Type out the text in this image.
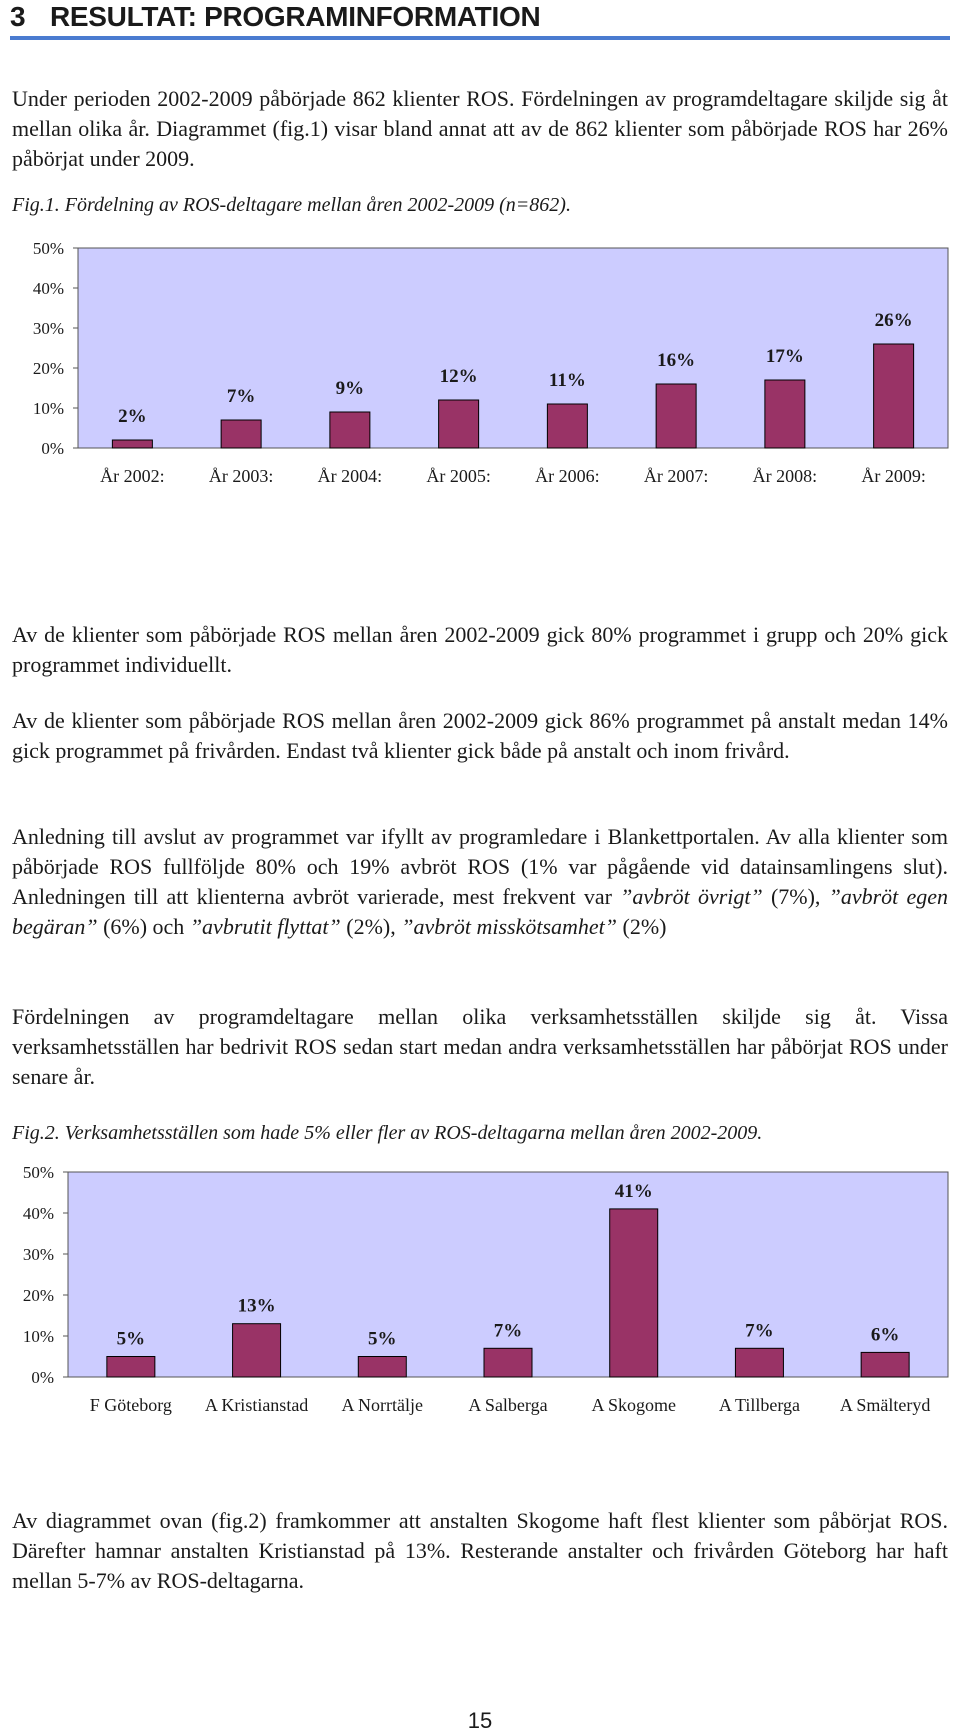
3 RESULTAT: PROGRAMINFORMATION
Under perioden 2002-2009 påbörjade 862 klienter ROS. Fördelningen av programdeltagare skiljde sig åt mellan olika år. Diagrammet (fig.1) visar bland annat att av de 862 klienter som påbörjade ROS har 26% påbörjat under 2009.
Fig.1. Fördelning av ROS-deltagare mellan åren 2002-2009 (n=862).
0%
10%
20%
30%
40%
50%
2%
År 2002:
7%
År 2003:
9%
År 2004:
12%
År 2005:
11%
År 2006:
16%
År 2007:
17%
År 2008:
26%
År 2009:
Av de klienter som påbörjade ROS mellan åren 2002-2009 gick 80% programmet i grupp och 20% gick programmet individuellt.
Av de klienter som påbörjade ROS mellan åren 2002-2009 gick 86% programmet på anstalt medan 14% gick programmet på frivården. Endast två klienter gick både på anstalt och inom frivård.
Anledning till avslut av programmet var ifyllt av programledare i Blankettportalen. Av alla klienter som påbörjade ROS fullföljde 80% och 19% avbröt ROS (1% var pågående vid datainsamlingens slut). Anledningen till att klienterna avbröt varierade, mest frekvent var ”avbröt övrigt” (7%), ”avbröt egen begäran” (6%) och ”avbrutit flyttat” (2%), ”avbröt misskötsamhet” (2%)
Fördelningen av programdeltagare mellan olika verksamhetsställen skiljde sig åt. Vissa verksamhetsställen har bedrivit ROS sedan start medan andra verksamhetsställen har påbörjat ROS under senare år.
Fig.2. Verksamhetsställen som hade 5% eller fler av ROS-deltagarna mellan åren 2002-2009.
0%
10%
20%
30%
40%
50%
5%
F Göteborg
13%
A Kristianstad
5%
A Norrtälje
7%
A Salberga
41%
A Skogome
7%
A Tillberga
6%
A Smälteryd
Av diagrammet ovan (fig.2) framkommer att anstalten Skogome haft flest klienter som påbörjat ROS. Därefter hamnar anstalten Kristianstad på 13%. Resterande anstalter och frivården Göteborg har haft mellan 5-7% av ROS-deltagarna.
15
